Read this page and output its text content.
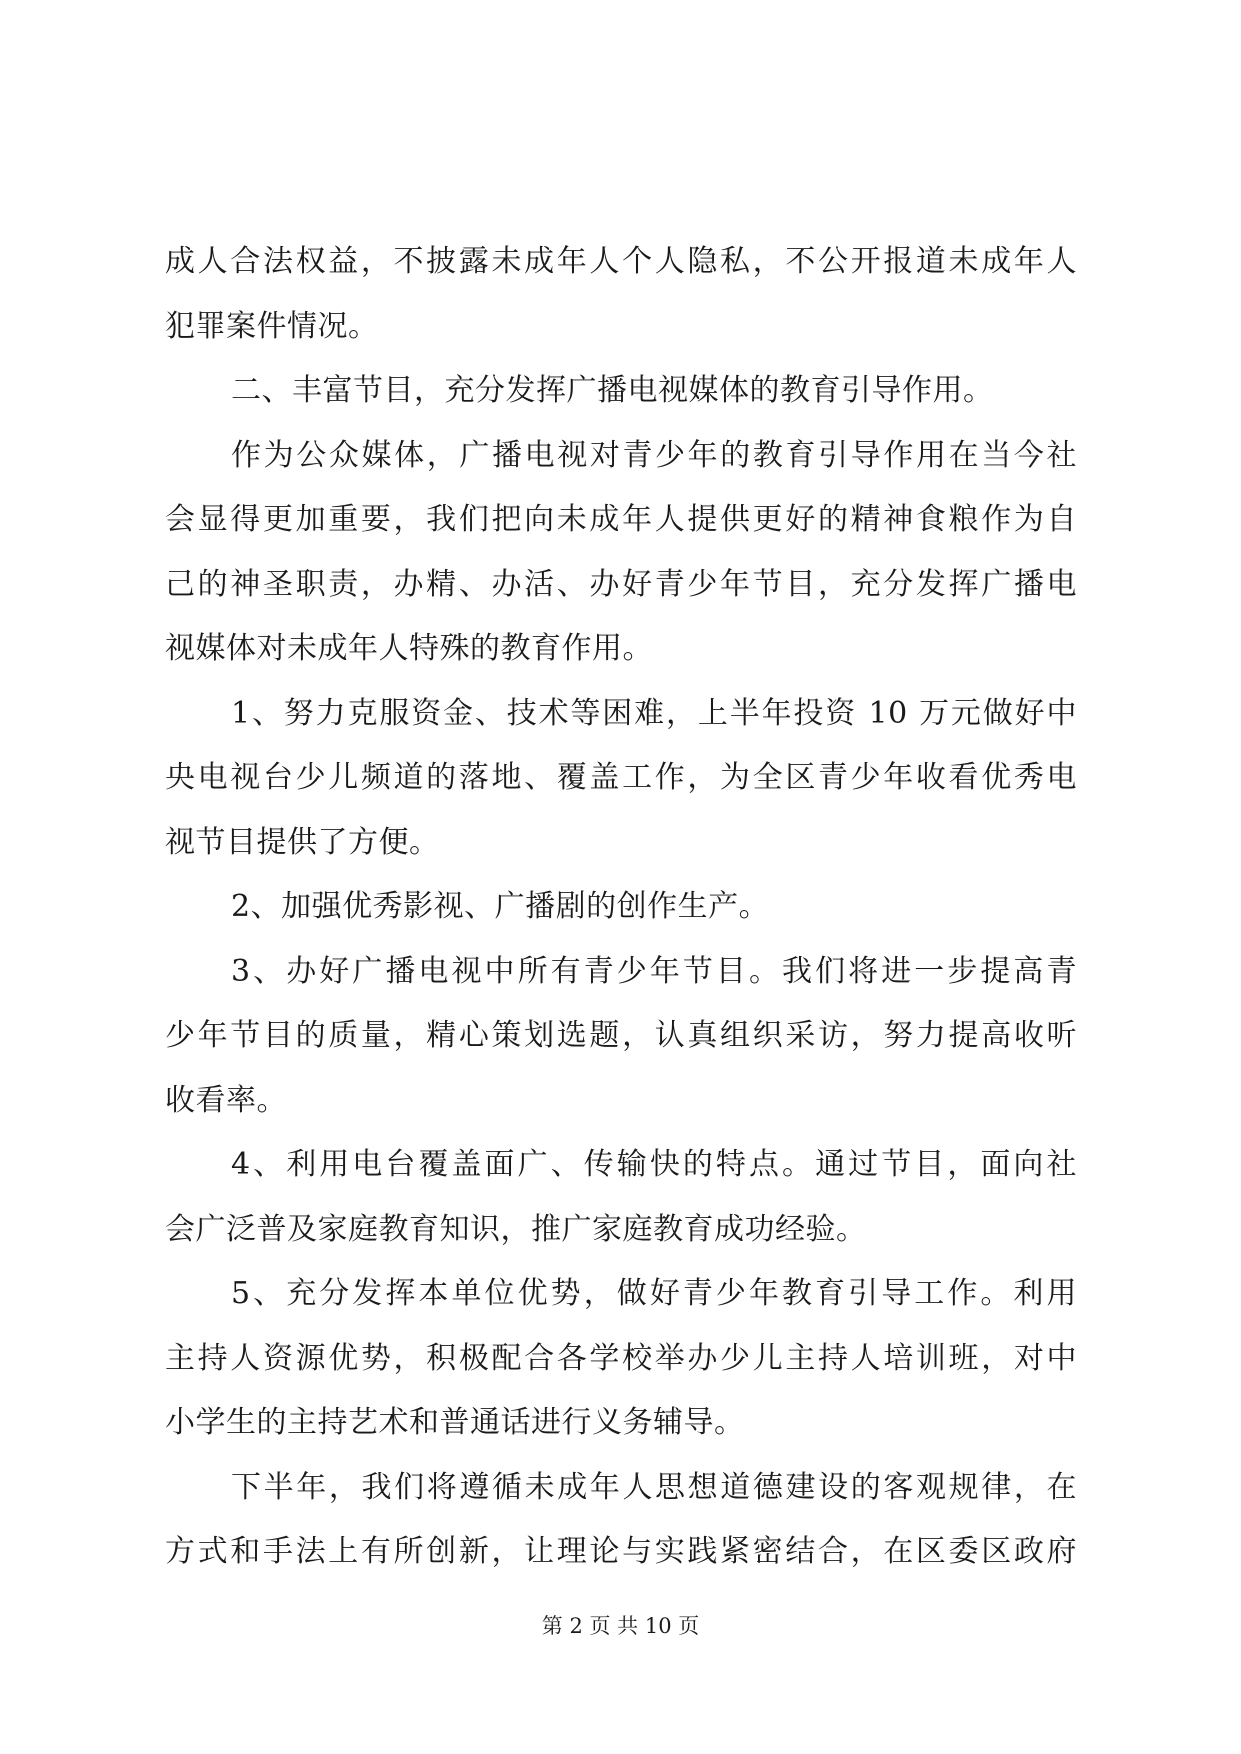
成人合法权益，不披露未成年人个人隐私，不公开报道未成年人
犯罪案件情况。
二、丰富节目，充分发挥广播电视媒体的教育引导作用。
作为公众媒体，广播电视对青少年的教育引导作用在当今社
会显得更加重要，我们把向未成年人提供更好的精神食粮作为自
己的神圣职责，办精、办活、办好青少年节目，充分发挥广播电
视媒体对未成年人特殊的教育作用。
1、努力克服资金、技术等困难，上半年投资 10 万元做好中
央电视台少儿频道的落地、覆盖工作，为全区青少年收看优秀电
视节目提供了方便。
2、加强优秀影视、广播剧的创作生产。
3、办好广播电视中所有青少年节目。我们将进一步提高青
少年节目的质量，精心策划选题，认真组织采访，努力提高收听
收看率。
4、利用电台覆盖面广、传输快的特点。通过节目，面向社
会广泛普及家庭教育知识，推广家庭教育成功经验。
5、充分发挥本单位优势，做好青少年教育引导工作。利用
主持人资源优势，积极配合各学校举办少儿主持人培训班，对中
小学生的主持艺术和普通话进行义务辅导。
下半年，我们将遵循未成年人思想道德建设的客观规律，在
方式和手法上有所创新，让理论与实践紧密结合，在区委区政府
第 2 页 共 10 页
